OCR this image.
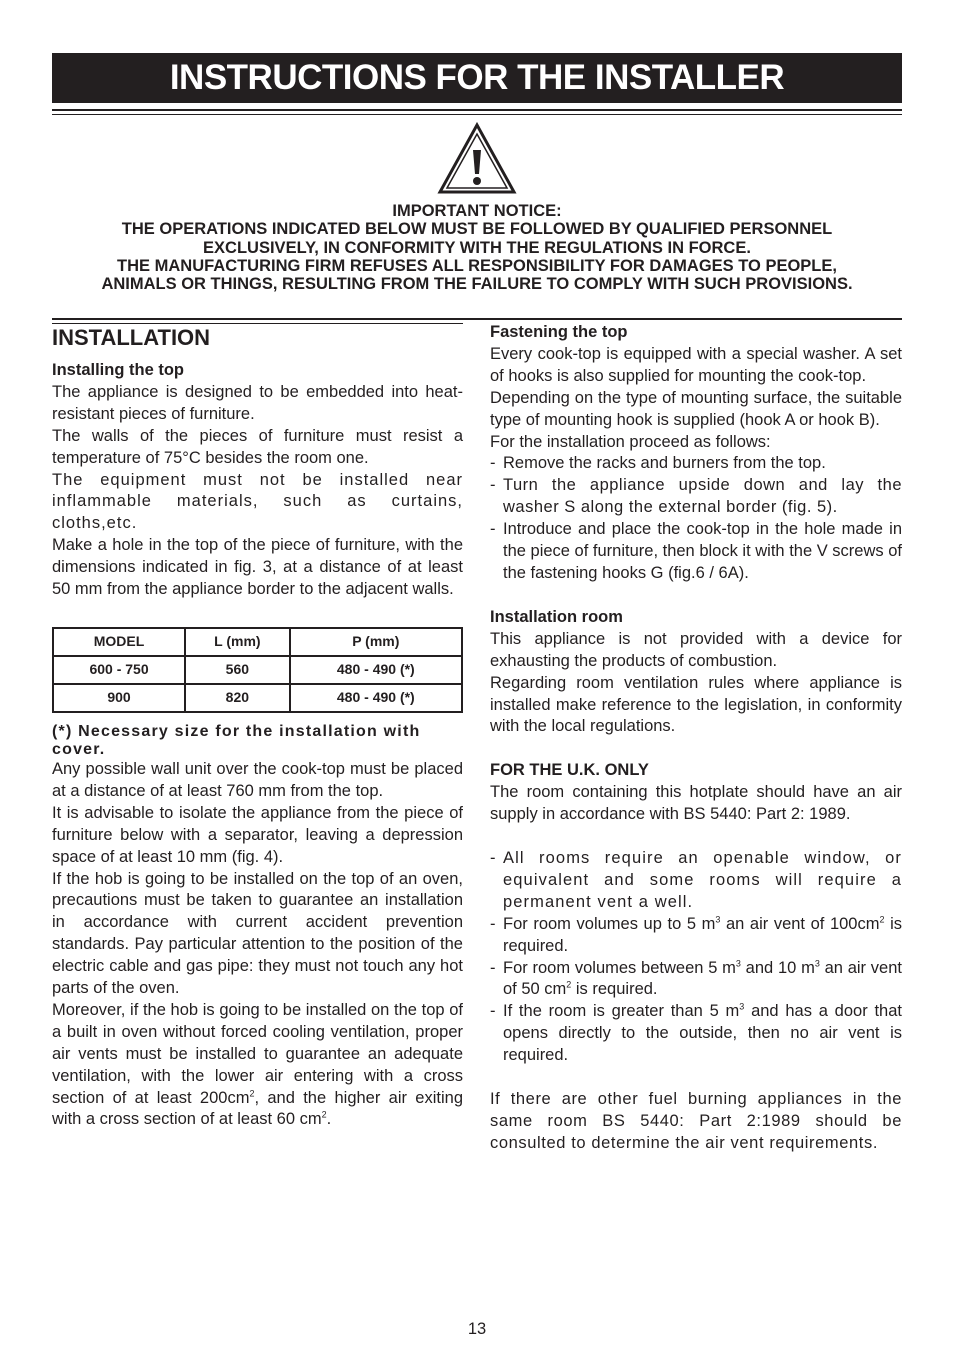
INSTRUCTIONS FOR THE INSTALLER
IMPORTANT NOTICE:
THE OPERATIONS INDICATED BELOW MUST BE FOLLOWED BY QUALIFIED PERSONNEL
EXCLUSIVELY, IN CONFORMITY WITH THE REGULATIONS IN FORCE.
THE MANUFACTURING FIRM REFUSES ALL RESPONSIBILITY FOR DAMAGES TO PEOPLE,
ANIMALS OR THINGS, RESULTING FROM THE FAILURE TO COMPLY WITH SUCH PROVISIONS.
INSTALLATION

Installing the top

The appliance is designed to be embedded into heat-resistant pieces of furniture.

The walls of the pieces of furniture must resist a temperature of 75°C besides the room one.

The equipment must not be installed near inflammable materials, such as curtains, cloths,etc.

Make a hole in the top of the piece of furniture, with the dimensions indicated in fig. 3, at a distance of at least 50 mm from the appliance border to the adjacent walls.

MODEL	L (mm)	P (mm)
600 - 750	560	480 - 490 (*)
900	820	480 - 490 (*)

(*) Necessary size for the installation with cover.

Any possible wall unit over the cook-top must be placed at a distance of at least 760 mm from the top.

It is advisable to isolate the appliance from the piece of furniture below with a separator, leaving a depression space of at least 10 mm (fig. 4).

If the hob is going to be installed on the top of an oven, precautions must be taken to guarantee an installation in accordance with current accident prevention standards. Pay particular attention to the position of the electric cable and gas pipe: they must not touch any hot parts of the oven.

Moreover, if the hob is going to be installed on the top of a built in oven without forced cooling ventilation, proper air vents must be installed to guarantee an adequate ventilation, with the lower air entering with a cross section of at least $200cm^2$, and the higher air exiting with a cross section of at least 60 $cm^2$.

Fastening the top

Every cook-top is equipped with a special washer. A set of hooks is also supplied for mounting the cook-top.

Depending on the type of mounting surface, the suitable type of mounting hook is supplied (hook A or hook B).

For the installation proceed as follows:

- Remove the racks and burners from the top.
- Turn the appliance upside down and lay the washer S along the external border (fig. 5).
- Introduce and place the cook-top in the hole made in the piece of furniture, then block it with the V screws of the fastening hooks G (fig.6 / 6A).

Installation room

This appliance is not provided with a device for exhausting the products of combustion.

Regarding room ventilation rules where appliance is installed make reference to the legislation, in conformity with the local regulations.

FOR THE U.K. ONLY

The room containing this hotplate should have an air supply in accordance with BS 5440: Part 2: 1989.

- All rooms require an openable window, or equivalent and some rooms will require a permanent vent a well.
- For room volumes up to 5 $m^3$ an air vent of $100cm^2$ is required.
- For room volumes between 5 $m^3$ and 10 $m^3$ an air vent of 50 $cm^2$ is required.
- If the room is greater than 5 $m^3$ and has a door that opens directly to the outside, then no air vent is required.

If there are other fuel burning appliances in the same room BS 5440: Part 2:1989 should be consulted to determine the air vent requirements.

13
